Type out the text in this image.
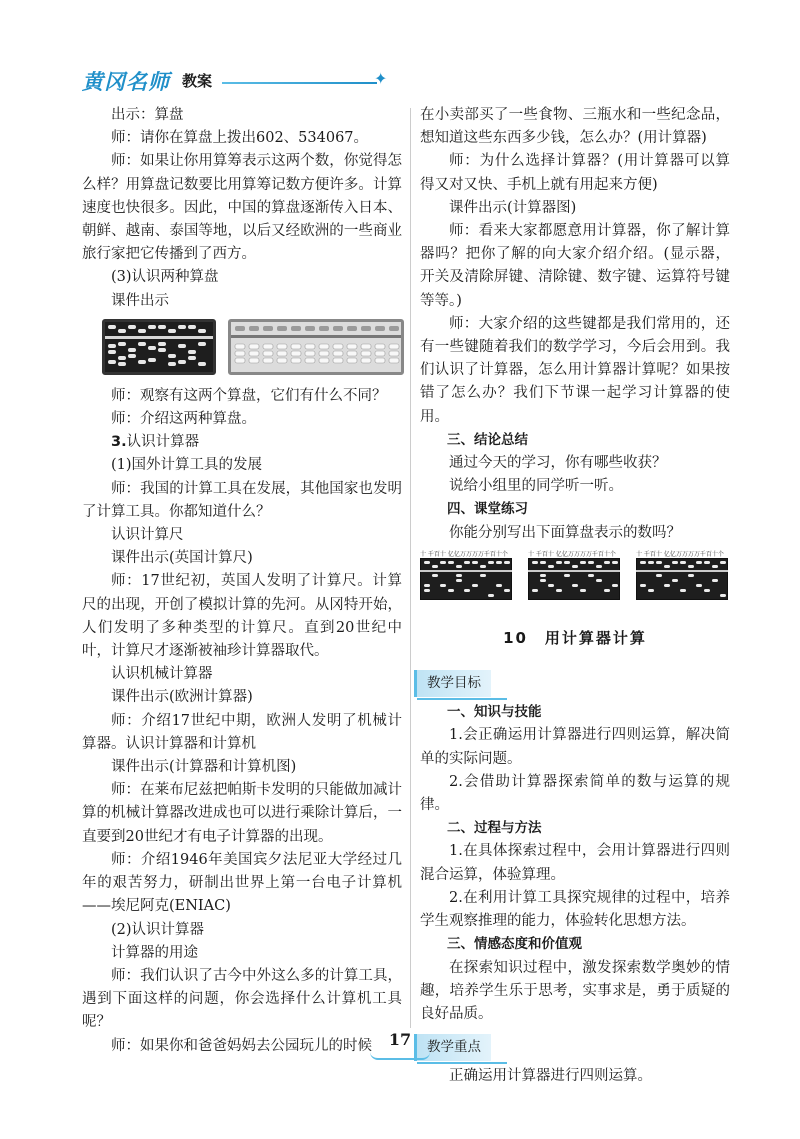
黄冈名师 教案	✦

出示：算盘

师：请你在算盘上拨出602、534067。

师：如果让你用算筹表示这两个数，你觉得怎么样？用算盘记数要比用算筹记数方便许多。计算速度也快很多。因此，中国的算盘逐渐传入日本、朝鲜、越南、泰国等地，以后又经欧洲的一些商业旅行家把它传播到了西方。

(3)认识两种算盘

课件出示

师：观察有这两个算盘，它们有什么不同？

师：介绍这两种算盘。

3.认识计算器

(1)国外计算工具的发展

师：我国的计算工具在发展，其他国家也发明了计算工具。你都知道什么？

认识计算尺

课件出示(英国计算尺)

师：17世纪初，英国人发明了计算尺。计算尺的出现，开创了模拟计算的先河。从冈特开始，人们发明了多种类型的计算尺。直到20世纪中叶，计算尺才逐渐被袖珍计算器取代。

认识机械计算器

课件出示(欧洲计算器)

师：介绍17世纪中期，欧洲人发明了机械计算器。认识计算器和计算机

课件出示(计算器和计算机图)

师：在莱布尼兹把帕斯卡发明的只能做加减计算的机械计算器改进成也可以进行乘除计算后，一直要到20世纪才有电子计算器的出现。

师：介绍1946年美国宾夕法尼亚大学经过几年的艰苦努力，研制出世界上第一台电子计算机——埃尼阿克(ENIAC)

(2)认识计算器

计算器的用途

师：我们认识了古今中外这么多的计算工具，遇到下面这样的问题，你会选择什么计算机工具呢？

师：如果你和爸爸妈妈去公园玩儿的时候

在小卖部买了一些食物、三瓶水和一些纪念品，想知道这些东西多少钱，怎么办？(用计算器)

师：为什么选择计算器？(用计算器可以算得又对又快、手机上就有用起来方便)

课件出示(计算器图)

师：看来大家都愿意用计算器，你了解计算器吗？把你了解的向大家介绍介绍。(显示器，开关及清除屏键、清除键、数字键、运算符号键等等。)

师：大家介绍的这些键都是我们常用的，还有一些键随着我们的数学学习，今后会用到。我们认识了计算器，怎么用计算器计算呢？如果按错了怎么办？我们下节课一起学习计算器的使用。

三、结论总结

通过今天的学习，你有哪些收获？

说给小组里的同学听一听。

四、课堂练习

你能分别写出下面算盘表示的数吗？

十 千百十 亿亿万万万万千百十个	十 千百十 亿亿万万万万千百十个	十 千百十 亿亿万万万万千百十个
10　用计算器计算
教学目标

一、知识与技能

1.会正确运用计算器进行四则运算，解决简单的实际问题。

2.会借助计算器探索简单的数与运算的规律。

二、过程与方法

1.在具体探索过程中，会用计算器进行四则混合运算，体验算理。

2.在利用计算工具探究规律的过程中，培养学生观察推理的能力，体验转化思想方法。

三、情感态度和价值观

在探索知识过程中，激发探索数学奥妙的情趣，培养学生乐于思考，实事求是，勇于质疑的良好品质。

教学重点

正确运用计算器进行四则运算。

17
